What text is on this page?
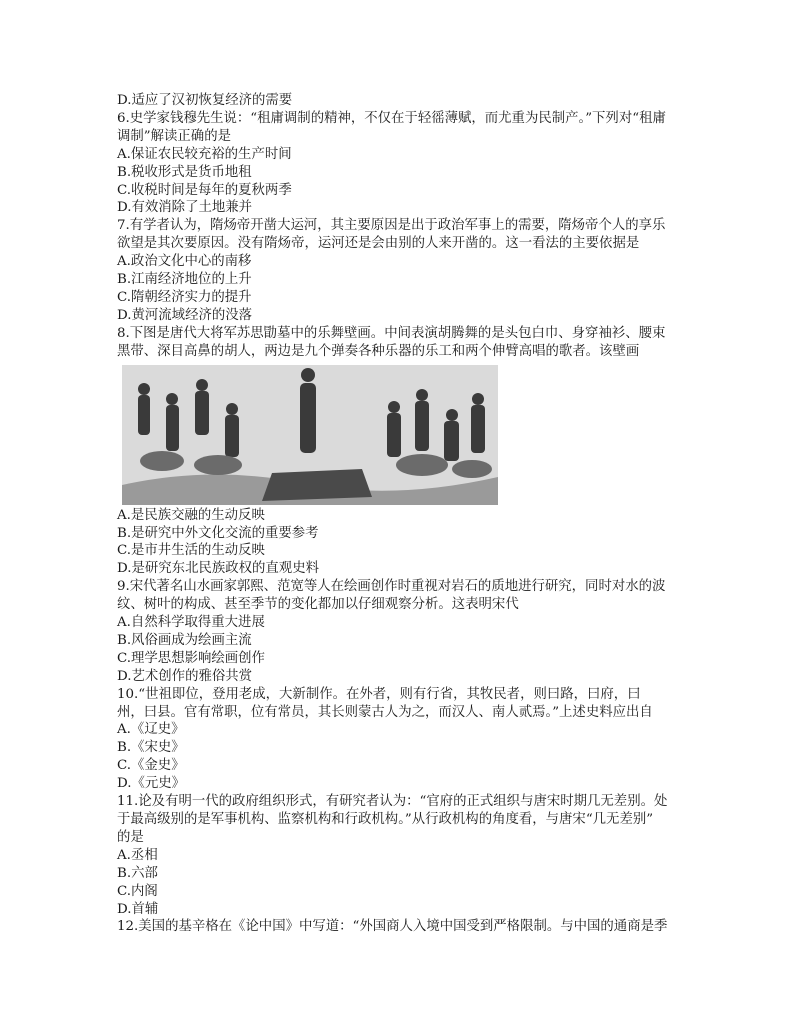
D.适应了汉初恢复经济的需要
6.史学家钱穆先生说：“租庸调制的精神，不仅在于轻徭薄赋，而尤重为民制产。”下列对“租庸
调制”解读正确的是
A.保证农民较充裕的生产时间
B.税收形式是货币地租
C.收税时间是每年的夏秋两季
D.有效消除了土地兼并
7.有学者认为，隋炀帝开凿大运河，其主要原因是出于政治军事上的需要，隋炀帝个人的享乐
欲望是其次要原因。没有隋炀帝，运河还是会由别的人来开凿的。这一看法的主要依据是
A.政治文化中心的南移
B.江南经济地位的上升
C.隋朝经济实力的提升
D.黄河流域经济的没落
8.下图是唐代大将军苏思勖墓中的乐舞壁画。中间表演胡腾舞的是头包白巾、身穿袖衫、腰束
黑带、深目高鼻的胡人，两边是九个弹奏各种乐器的乐工和两个伸臂高唱的歌者。该壁画
A.是民族交融的生动反映
B.是研究中外文化交流的重要参考
C.是市井生活的生动反映
D.是研究东北民族政权的直观史料
9.宋代著名山水画家郭熙、范宽等人在绘画创作时重视对岩石的质地进行研究，同时对水的波
纹、树叶的构成、甚至季节的变化都加以仔细观察分析。这表明宋代
A.自然科学取得重大进展
B.风俗画成为绘画主流
C.理学思想影响绘画创作
D.艺术创作的雅俗共赏
10.“世祖即位，登用老成，大新制作。在外者，则有行省，其牧民者，则曰路，曰府，曰
州，曰县。官有常职，位有常员，其长则蒙古人为之，而汉人、南人贰焉。”上述史料应出自
A.《辽史》
B.《宋史》
C.《金史》
D.《元史》
11.论及有明一代的政府组织形式，有研究者认为：“官府的正式组织与唐宋时期几无差别。处
于最高级别的是军事机构、监察机构和行政机构。”从行政机构的角度看，与唐宋“几无差别”
的是
A.丞相
B.六部
C.内阁
D.首辅
12.美国的基辛格在《论中国》中写道：“外国商人入境中国受到严格限制。与中国的通商是季
